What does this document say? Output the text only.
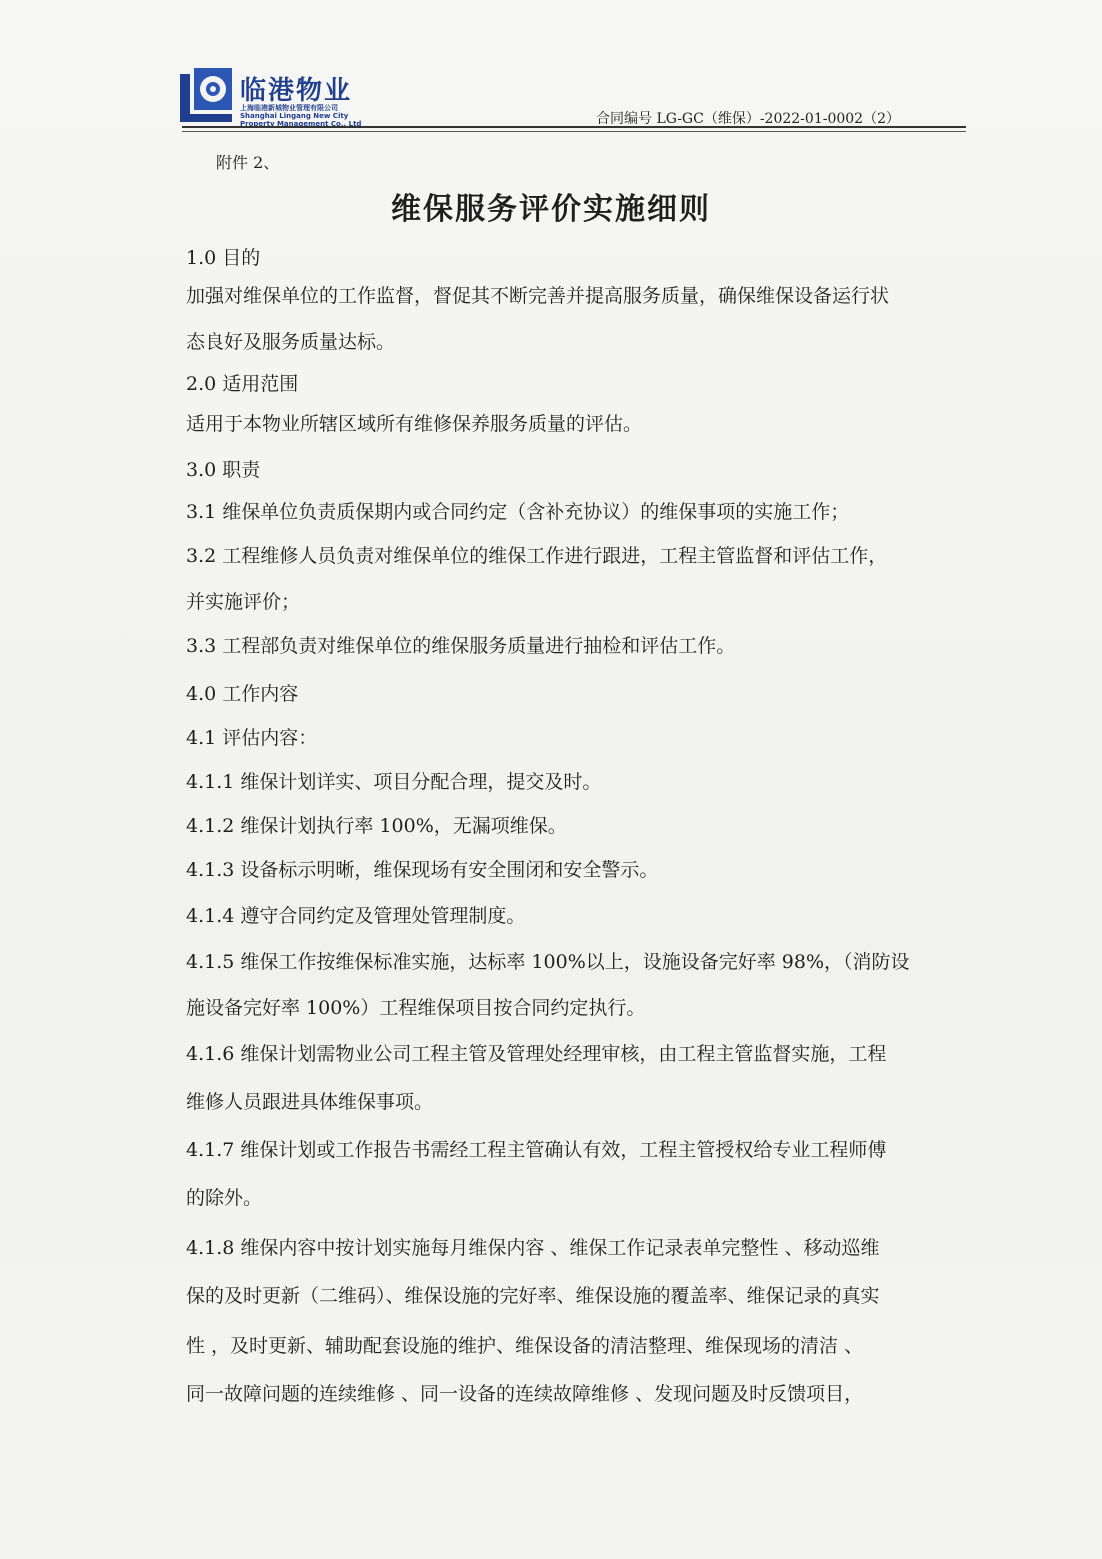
临港物业
上海临港新城物业管理有限公司
Shanghai Lingang New City
Property Management Co., Ltd	合同编号 LG-GC（维保）-2022-01-0002（2）
附件 2、
维保服务评价实施细则
1.0 目的
加强对维保单位的工作监督，督促其不断完善并提高服务质量，确保维保设备运行状
态良好及服务质量达标。
2.0 适用范围
适用于本物业所辖区域所有维修保养服务质量的评估。
3.0 职责
3.1 维保单位负责质保期内或合同约定（含补充协议）的维保事项的实施工作；
3.2 工程维修人员负责对维保单位的维保工作进行跟进，工程主管监督和评估工作，
并实施评价；
3.3 工程部负责对维保单位的维保服务质量进行抽检和评估工作。
4.0 工作内容
4.1 评估内容：
4.1.1 维保计划详实、项目分配合理，提交及时。
4.1.2 维保计划执行率 100%，无漏项维保。
4.1.3 设备标示明晰，维保现场有安全围闭和安全警示。
4.1.4 遵守合同约定及管理处管理制度。
4.1.5 维保工作按维保标准实施，达标率 100%以上，设施设备完好率 98%，（消防设
施设备完好率 100%）工程维保项目按合同约定执行。
4.1.6 维保计划需物业公司工程主管及管理处经理审核，由工程主管监督实施，工程
维修人员跟进具体维保事项。
4.1.7 维保计划或工作报告书需经工程主管确认有效，工程主管授权给专业工程师傅
的除外。
4.1.8 维保内容中按计划实施每月维保内容 、维保工作记录表单完整性 、移动巡维
保的及时更新（二维码）、维保设施的完好率、维保设施的覆盖率、维保记录的真实
性 ，及时更新、辅助配套设施的维护、维保设备的清洁整理、维保现场的清洁 、
同一故障问题的连续维修 、同一设备的连续故障维修 、发现问题及时反馈项目，
